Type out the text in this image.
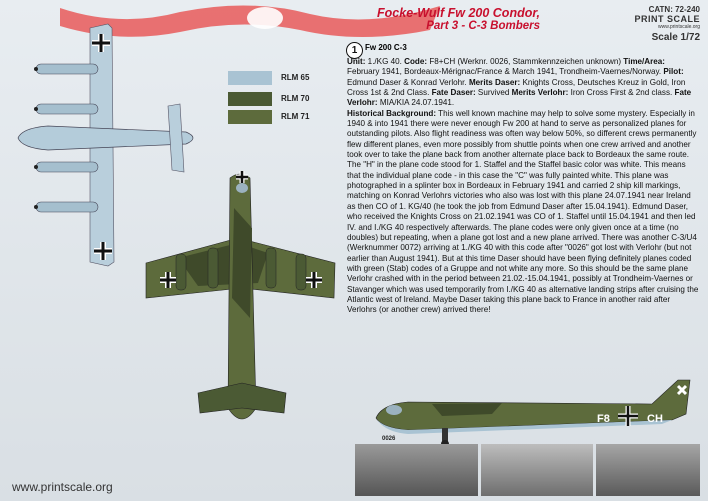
Focke-Wulf Fw 200 Condor,
Part 3 - C-3 Bombers
CATN: 72-240
PRINT SCALE
www.printscale.org
Scale 1/72
RLM 65
RLM 70
RLM 71
1 Fw 200 C-3

Unit: 1./KG 40. Code: F8+CH (Werknr. 0026, Stammkennzeichen unknown) Time/Area: February 1941, Bordeaux-Mérignac/France & March 1941, Trondheim-Vaernes/Norway. Pilot: Edmund Daser & Konrad Verlohr. Merits Daser: Knights Cross, Deutsches Kreuz in Gold, Iron Cross 1st & 2nd Class. Fate Daser: Survived Merits Verlohr: Iron Cross First & 2nd class. Fate Verlohr: MIA/KIA 24.07.1941.

Historical Background: This well known machine may help to solve some mystery. Especially in 1940 & into 1941 there were never enough Fw 200 at hand to serve as personalized planes for outstanding pilots. Also flight readiness was often way below 50%, so different crews permanently flew different planes, even more possibly from shuttle points when one crew arrived and another took over to take the plane back from another alternate place back to Bordeaux the same route. The "H" in the plane code stood for 1. Staffel and the Staffel basic color was white. This means that the individual plane code - in this case the "C" was fully painted white. This plane was photographed in a splinter box in Bordeaux in February 1941 and carried 2 ship kill markings, matching on Konrad Verlohrs victories who also was lost with this plane 24.07.1941 near Ireland as then CO of 1. KG/40 (he took the job from Edmund Daser after 15.04.1941). Edmund Daser, who received the Knights Cross on 21.02.1941 was CO of 1. Staffel until 15.04.1941 and then led IV. and I./KG 40 respectively afterwards. The plane codes were only given once at a time (no doubles) but repeating, when a plane got lost and a new plane arrived. There was another C-3/U4 (Werknummer 0072) arriving at 1./KG 40 with this code after "0026" got lost with Verlohr (but not earlier than August 1941). But at this time Daser should have been flying definitely planes coded with green (Stab) codes of a Gruppe and not white any more. So this should be the same plane Verlohr crashed with in the period between 21.02.-15.04.1941, possibly at Trondheim-Vaernes or Stavanger which was used temporarily from I./KG 40 as alternative landing strips after cruising the Atlantic west of Ireland. Maybe Daser taking this plane back to France in another raid after Verlohrs (or another crew) arrived there!

F8	CH
0026
www.printscale.org
